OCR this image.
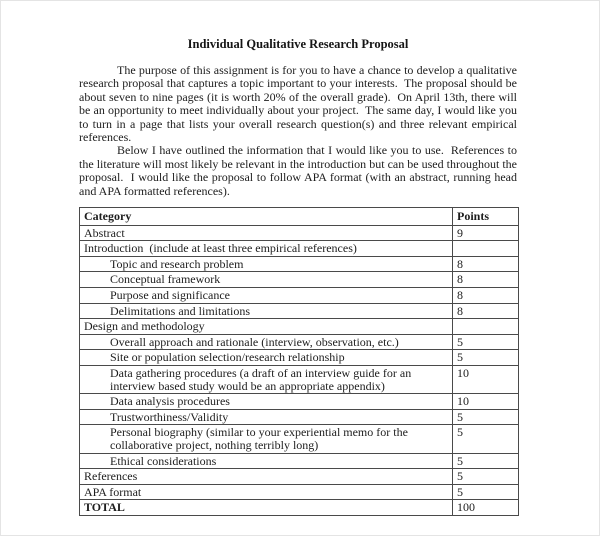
Individual Qualitative Research Proposal

The purpose of this assignment is for you to have a chance to develop a qualitative research proposal that captures a topic important to your interests.  The proposal should be about seven to nine pages (it is worth 20% of the overall grade).  On April 13th, there will be an opportunity to meet individually about your project.  The same day, I would like you to turn in a page that lists your overall research question(s) and three relevant empirical references.

Below I have outlined the information that I would like you to use.  References to the literature will most likely be relevant in the introduction but can be used throughout the proposal.  I would like the proposal to follow APA format (with an abstract, running head and APA formatted references).

Category	Points
Abstract	9
Introduction  (include at least three empirical references)	
Topic and research problem	8
Conceptual framework	8
Purpose and significance	8
Delimitations and limitations	8
Design and methodology	
Overall approach and rationale (interview, observation, etc.)	5
Site or population selection/research relationship	5
Data gathering procedures (a draft of an interview guide for an interview based study would be an appropriate appendix)	10
Data analysis procedures	10
Trustworthiness/Validity	5
Personal biography (similar to your experiential memo for the collaborative project, nothing terribly long)	5
Ethical considerations	5
References	5
APA format	5
TOTAL	100
